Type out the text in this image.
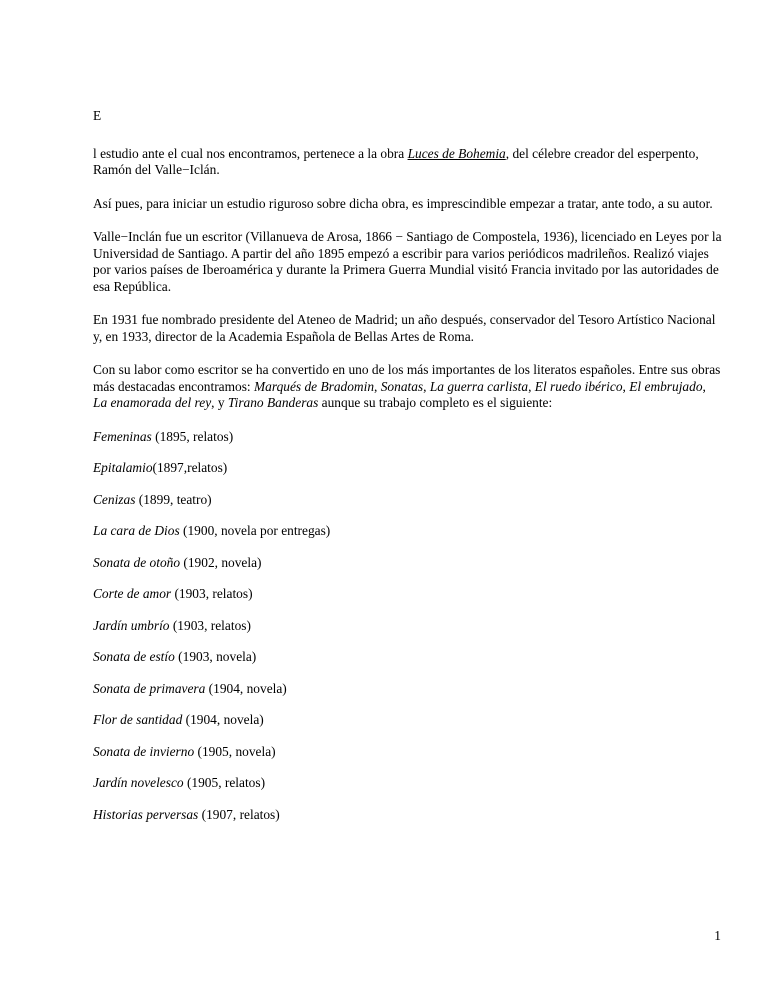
E

l estudio ante el cual nos encontramos, pertenece a la obra Luces de Bohemia, del célebre creador del esperpento, Ramón del Valle−Iclán.

Así pues, para iniciar un estudio riguroso sobre dicha obra, es imprescindible empezar a tratar, ante todo, a su autor.

Valle−Inclán fue un escritor (Villanueva de Arosa, 1866 − Santiago de Compostela, 1936), licenciado en Leyes por la Universidad de Santiago. A partir del año 1895 empezó a escribir para varios periódicos madrileños. Realizó viajes por varios países de Iberoamérica y durante la Primera Guerra Mundial visitó Francia invitado por las autoridades de esa República.

En 1931 fue nombrado presidente del Ateneo de Madrid; un año después, conservador del Tesoro Artístico Nacional y, en 1933, director de la Academia Española de Bellas Artes de Roma.

Con su labor como escritor se ha convertido en uno de los más importantes de los literatos españoles. Entre sus obras más destacadas encontramos: Marqués de Bradomin, Sonatas, La guerra carlista, El ruedo ibérico, El embrujado, La enamorada del rey, y Tirano Banderas aunque su trabajo completo es el siguiente:

Femeninas (1895, relatos)

Epitalamio(1897,relatos)

Cenizas (1899, teatro)

La cara de Dios (1900, novela por entregas)

Sonata de otoño (1902, novela)

Corte de amor (1903, relatos)

Jardín umbrío (1903, relatos)

Sonata de estío (1903, novela)

Sonata de primavera (1904, novela)

Flor de santidad (1904, novela)

Sonata de invierno (1905, novela)

Jardín novelesco (1905, relatos)

Historias perversas (1907, relatos)

1
